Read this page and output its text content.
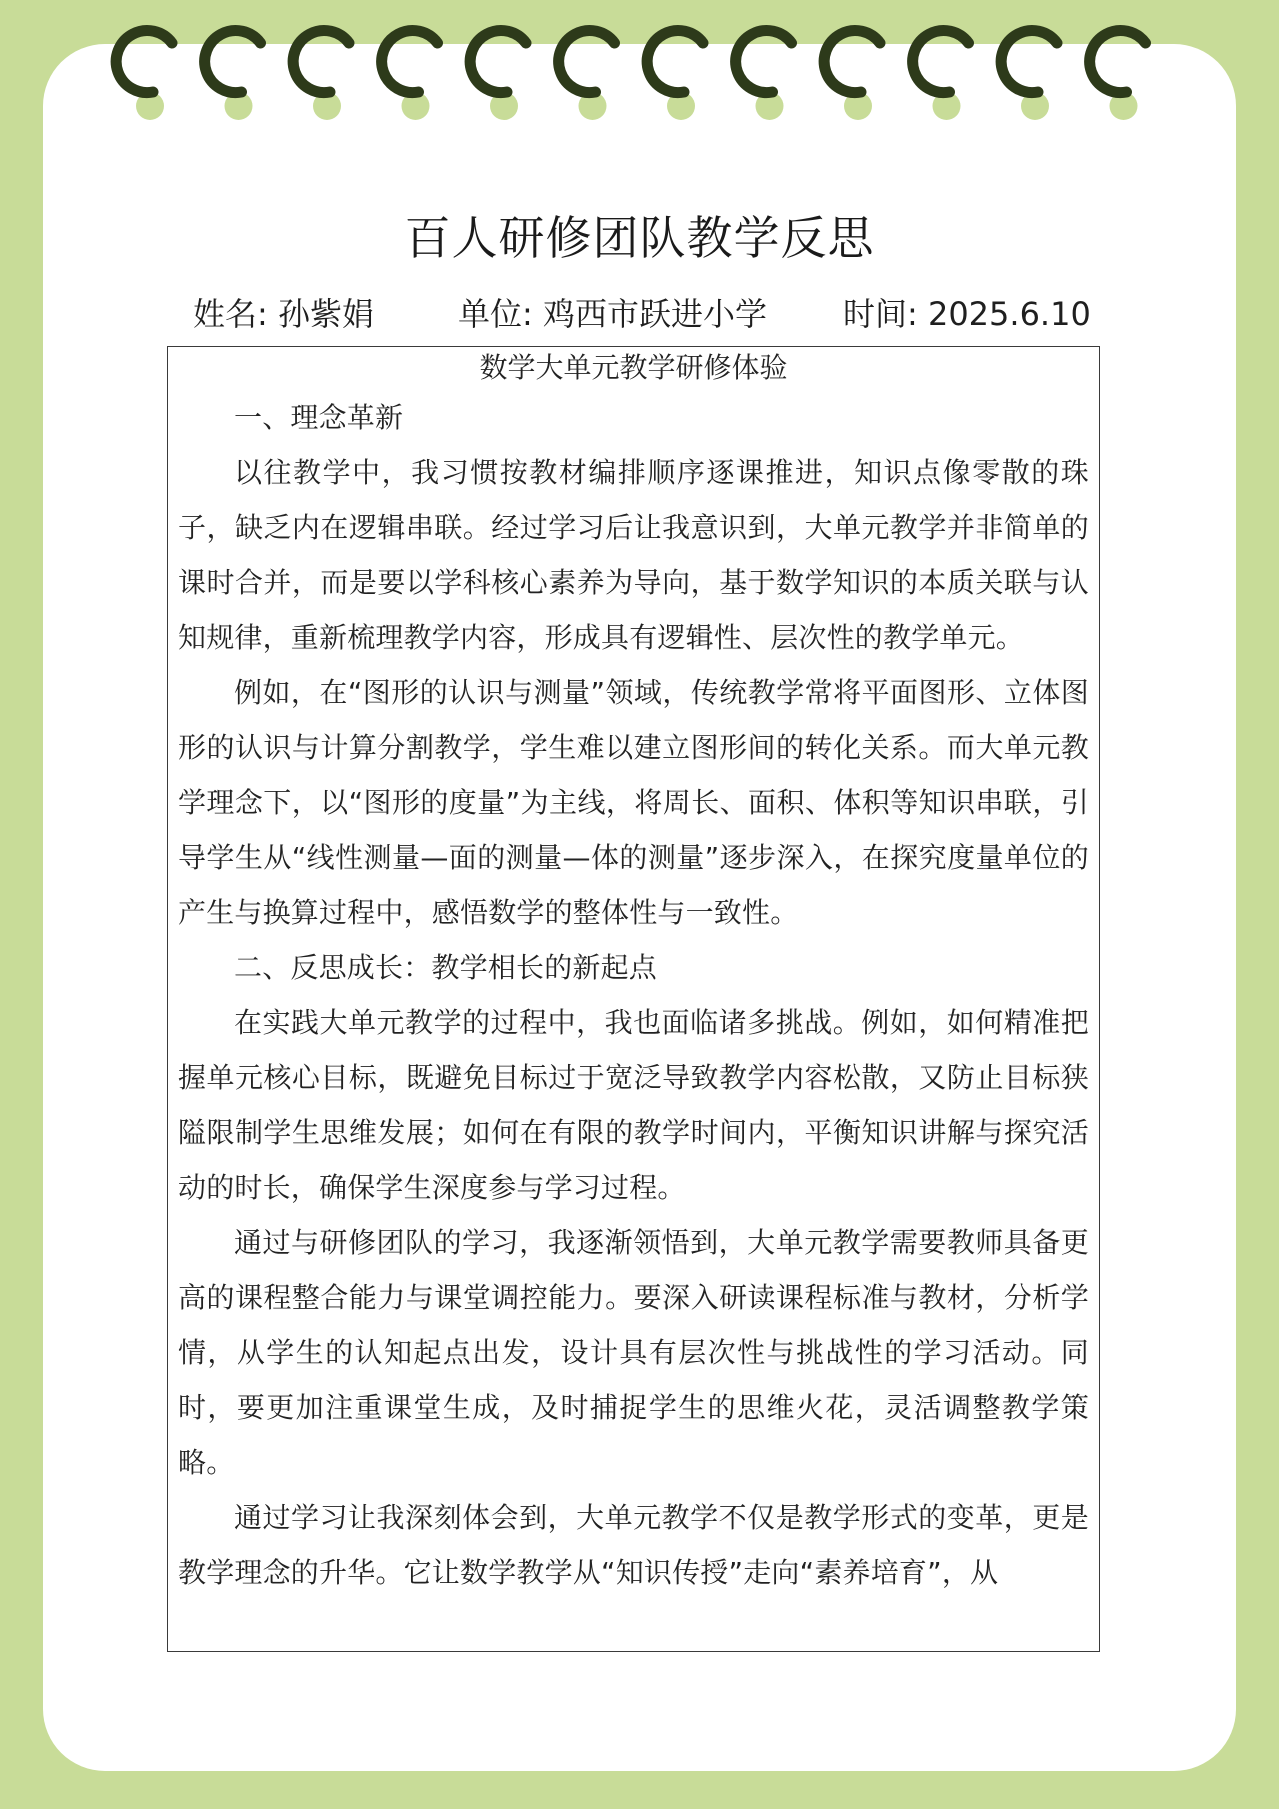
百人研修团队教学反思
姓名: 孙紫娟	单位: 鸡西市跃进小学 时间: 2025.6.10
数学大单元教学研修体验

一、理念革新

以往教学中，我习惯按教材编排顺序逐课推进，知识点像零散的珠子，缺乏内在逻辑串联。经过学习后让我意识到，大单元教学并非简单的课时合并，而是要以学科核心素养为导向，基于数学知识的本质关联与认知规律，重新梳理教学内容，形成具有逻辑性、层次性的教学单元。

例如，在“图形的认识与测量”领域，传统教学常将平面图形、立体图形的认识与计算分割教学，学生难以建立图形间的转化关系。而大单元教学理念下，以“图形的度量”为主线，将周长、面积、体积等知识串联，引导学生从“线性测量—面的测量—体的测量”逐步深入，在探究度量单位的产生与换算过程中，感悟数学的整体性与一致性。

二、反思成长：教学相长的新起点

在实践大单元教学的过程中，我也面临诸多挑战。例如，如何精准把握单元核心目标，既避免目标过于宽泛导致教学内容松散，又防止目标狭隘限制学生思维发展；如何在有限的教学时间内，平衡知识讲解与探究活动的时长，确保学生深度参与学习过程。

通过与研修团队的学习，我逐渐领悟到，大单元教学需要教师具备更高的课程整合能力与课堂调控能力。要深入研读课程标准与教材，分析学情，从学生的认知起点出发，设计具有层次性与挑战性的学习活动。同时，要更加注重课堂生成，及时捕捉学生的思维火花，灵活调整教学策略。

通过学习让我深刻体会到，大单元教学不仅是教学形式的变革，更是教学理念的升华。它让数学教学从“知识传授”走向“素养培育”，从
